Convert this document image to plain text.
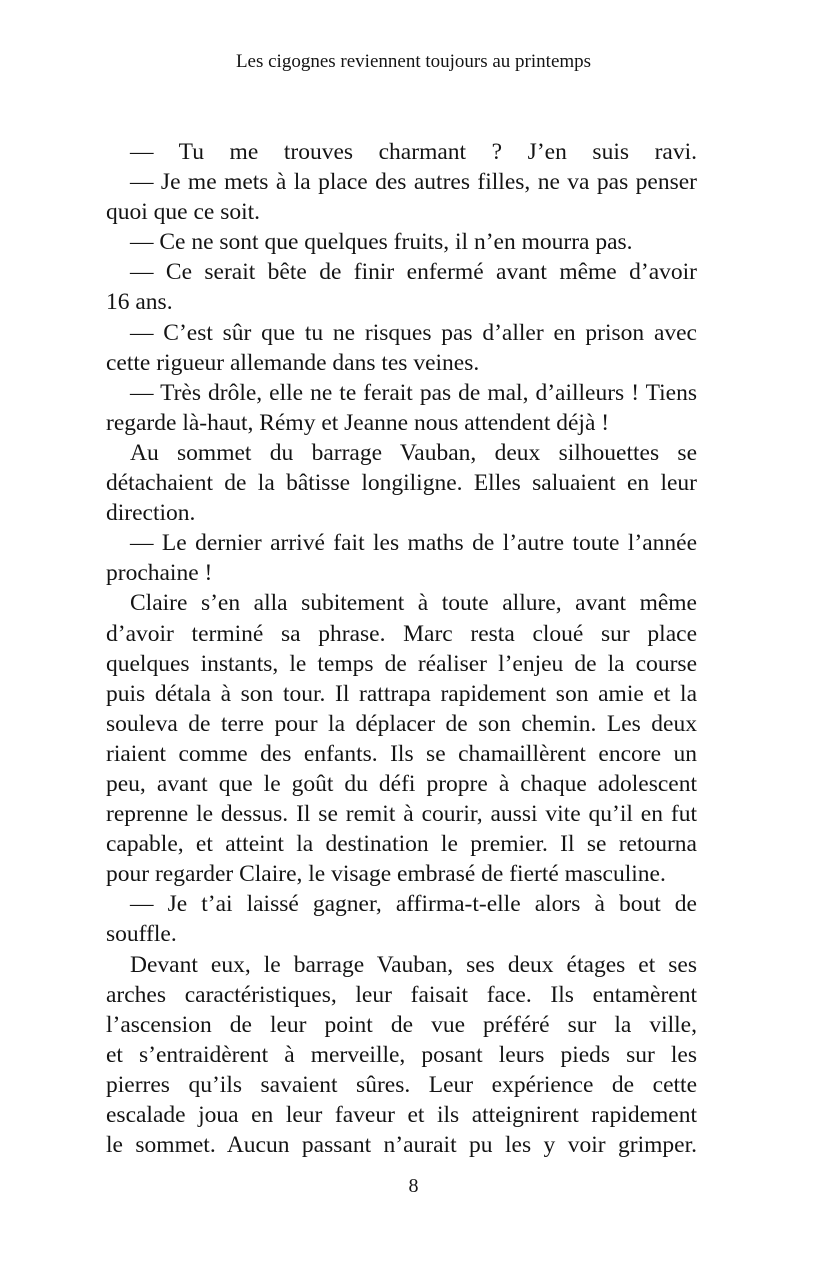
Les cigognes reviennent toujours au printemps
— Tu me trouves charmant ? J’en suis ravi.
— Je me mets à la place des autres filles, ne va pas penser
quoi que ce soit.
— Ce ne sont que quelques fruits, il n’en mourra pas.
— Ce serait bête de finir enfermé avant même d’avoir
16 ans.
— C’est sûr que tu ne risques pas d’aller en prison avec
cette rigueur allemande dans tes veines.
— Très drôle, elle ne te ferait pas de mal, d’ailleurs ! Tiens
regarde là-haut, Rémy et Jeanne nous attendent déjà !
Au sommet du barrage Vauban, deux silhouettes se
détachaient de la bâtisse longiligne. Elles saluaient en leur
direction.
— Le dernier arrivé fait les maths de l’autre toute l’année
prochaine !
Claire s’en alla subitement à toute allure, avant même
d’avoir terminé sa phrase. Marc resta cloué sur place
quelques instants, le temps de réaliser l’enjeu de la course
puis détala à son tour. Il rattrapa rapidement son amie et la
souleva de terre pour la déplacer de son chemin. Les deux
riaient comme des enfants. Ils se chamaillèrent encore un
peu, avant que le goût du défi propre à chaque adolescent
reprenne le dessus. Il se remit à courir, aussi vite qu’il en fut
capable, et atteint la destination le premier. Il se retourna
pour regarder Claire, le visage embrasé de fierté masculine.
— Je t’ai laissé gagner, affirma-t-elle alors à bout de
souffle.
Devant eux, le barrage Vauban, ses deux étages et ses
arches caractéristiques, leur faisait face. Ils entamèrent
l’ascension de leur point de vue préféré sur la ville,
et s’entraidèrent à merveille, posant leurs pieds sur les
pierres qu’ils savaient sûres. Leur expérience de cette
escalade joua en leur faveur et ils atteignirent rapidement
le sommet. Aucun passant n’aurait pu les y voir grimper.
8
